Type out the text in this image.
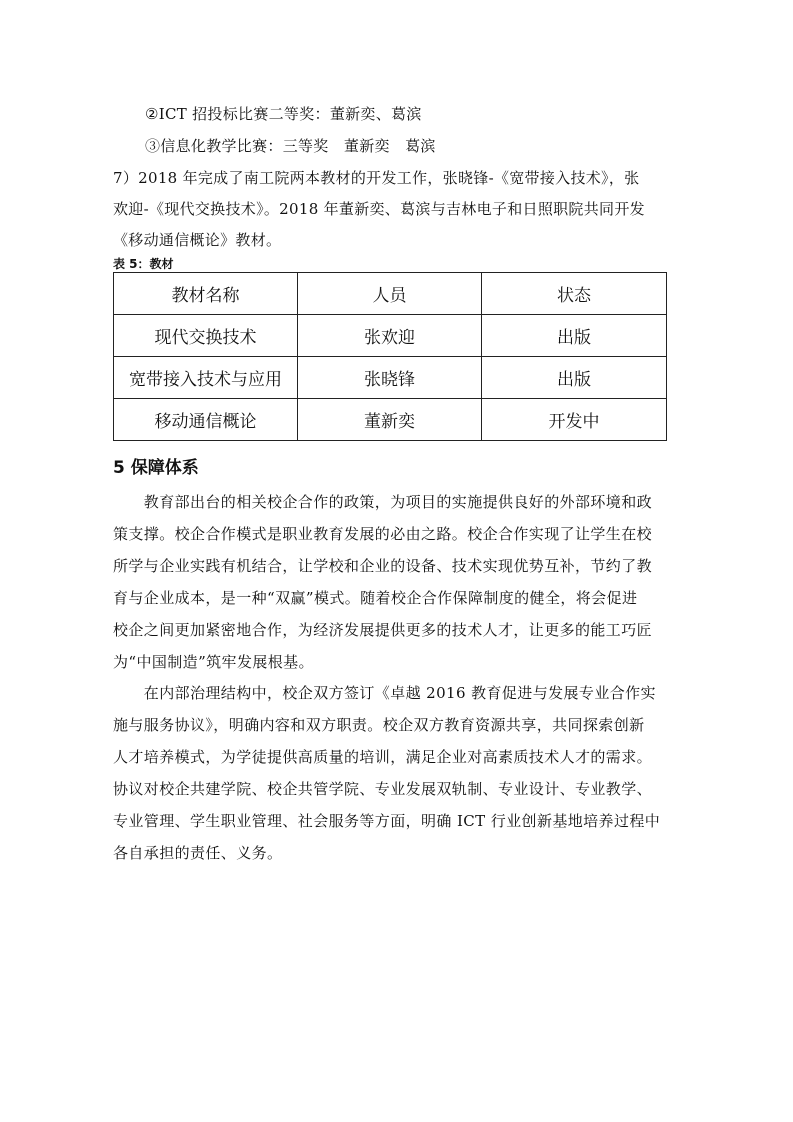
②ICT 招投标比赛二等奖：董新奕、葛滨
③信息化教学比赛：三等奖　董新奕　葛滨
7）2018 年完成了南工院两本教材的开发工作，张晓锋-《宽带接入技术》，张
欢迎-《现代交换技术》。2018 年董新奕、葛滨与吉林电子和日照职院共同开发
《移动通信概论》教材。
表 5：教材
教材名称	人员	状态
现代交换技术	张欢迎	出版
宽带接入技术与应用	张晓锋	出版
移动通信概论	董新奕	开发中
5 保障体系
　　教育部出台的相关校企合作的政策，为项目的实施提供良好的外部环境和政
策支撑。校企合作模式是职业教育发展的必由之路。校企合作实现了让学生在校
所学与企业实践有机结合，让学校和企业的设备、技术实现优势互补，节约了教
育与企业成本，是一种“双赢”模式。随着校企合作保障制度的健全，将会促进
校企之间更加紧密地合作，为经济发展提供更多的技术人才，让更多的能工巧匠
为“中国制造”筑牢发展根基。
　　在内部治理结构中，校企双方签订《卓越 2016 教育促进与发展专业合作实
施与服务协议》，明确内容和双方职责。校企双方教育资源共享，共同探索创新
人才培养模式，为学徒提供高质量的培训，满足企业对高素质技术人才的需求。
协议对校企共建学院、校企共管学院、专业发展双轨制、专业设计、专业教学、
专业管理、学生职业管理、社会服务等方面，明确 ICT 行业创新基地培养过程中
各自承担的责任、义务。
